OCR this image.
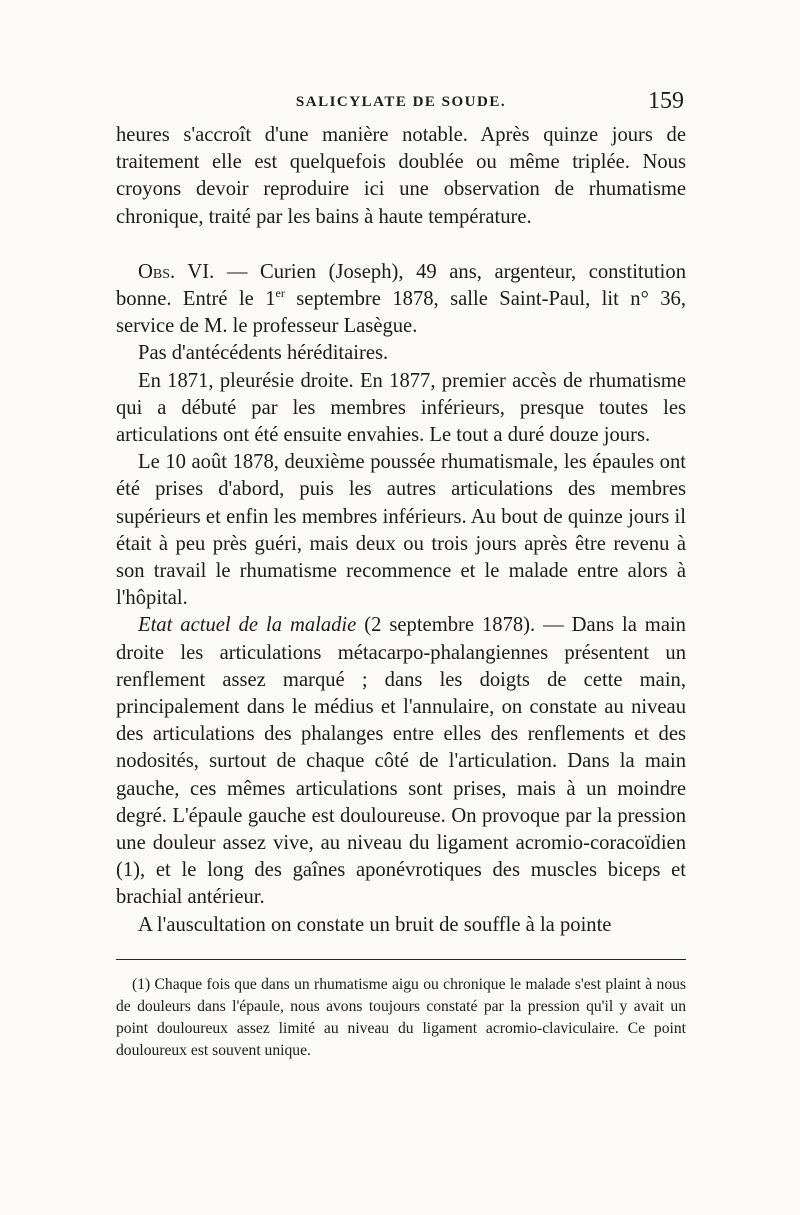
SALICYLATE DE SOUDE.	159

heures s'accroît d'une manière notable. Après quinze jours de traitement elle est quelquefois doublée ou même triplée. Nous croyons devoir reproduire ici une observation de rhumatisme chronique, traité par les bains à haute température.

Obs. VI. — Curien (Joseph), 49 ans, argenteur, constitution bonne. Entré le 1er septembre 1878, salle Saint-Paul, lit n° 36, service de M. le professeur Lasègue.

Pas d'antécédents héréditaires.

En 1871, pleurésie droite. En 1877, premier accès de rhumatisme qui a débuté par les membres inférieurs, presque toutes les articulations ont été ensuite envahies. Le tout a duré douze jours.

Le 10 août 1878, deuxième poussée rhumatismale, les épaules ont été prises d'abord, puis les autres articulations des membres supérieurs et enfin les membres inférieurs. Au bout de quinze jours il était à peu près guéri, mais deux ou trois jours après être revenu à son travail le rhumatisme recommence et le malade entre alors à l'hôpital.

Etat actuel de la maladie (2 septembre 1878). — Dans la main droite les articulations métacarpo-phalangiennes présentent un renflement assez marqué ; dans les doigts de cette main, principalement dans le médius et l'annulaire, on constate au niveau des articulations des phalanges entre elles des renflements et des nodosités, surtout de chaque côté de l'articulation. Dans la main gauche, ces mêmes articulations sont prises, mais à un moindre degré. L'épaule gauche est douloureuse. On provoque par la pression une douleur assez vive, au niveau du ligament acromio-coracoïdien (1), et le long des gaînes aponévrotiques des muscles biceps et brachial antérieur.

A l'auscultation on constate un bruit de souffle à la pointe

(1) Chaque fois que dans un rhumatisme aigu ou chronique le malade s'est plaint à nous de douleurs dans l'épaule, nous avons toujours constaté par la pression qu'il y avait un point douloureux assez limité au niveau du ligament acromio-claviculaire. Ce point douloureux est souvent unique.
